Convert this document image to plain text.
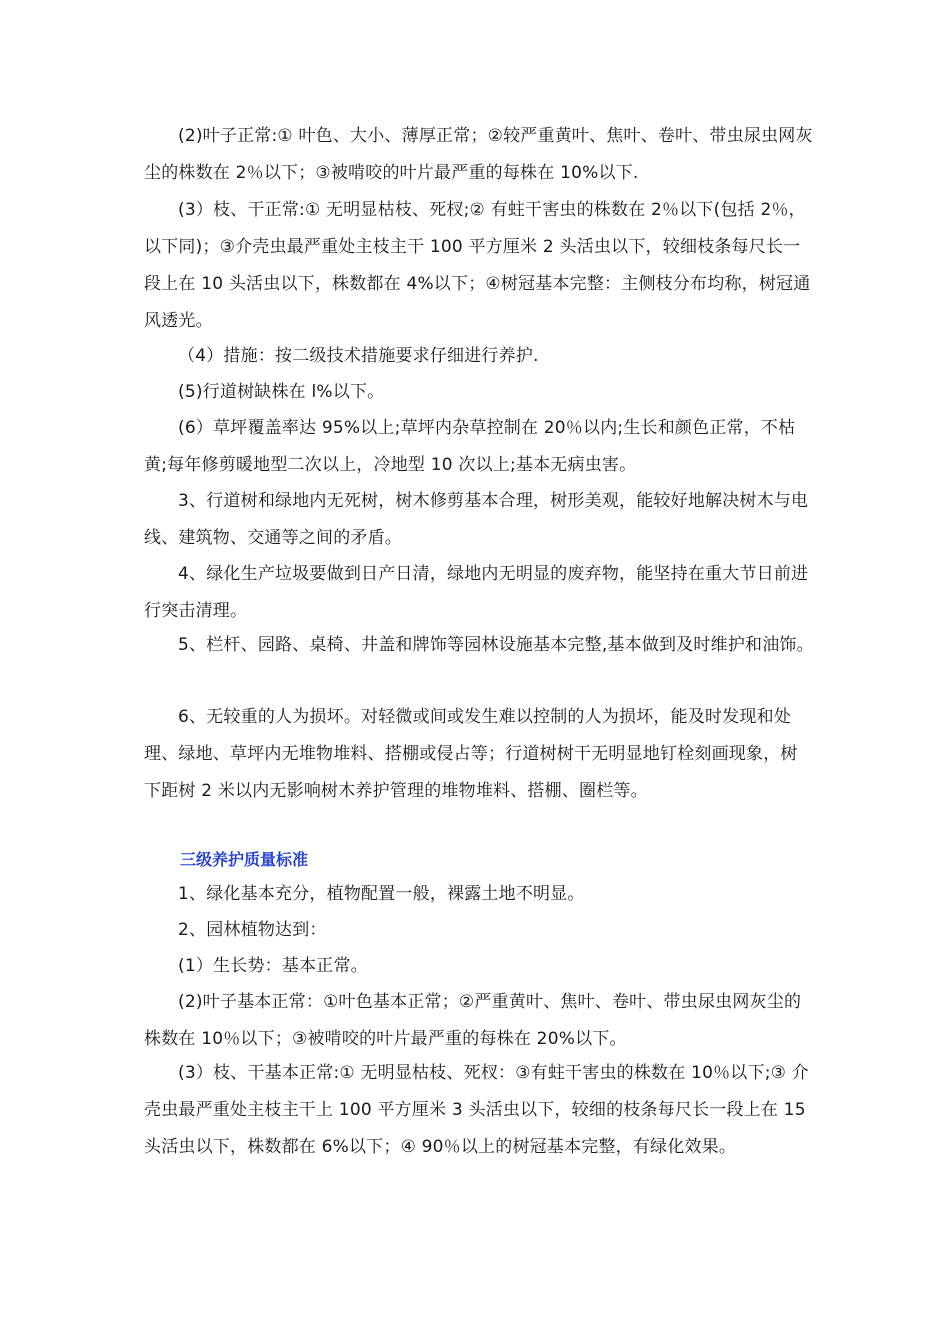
(2)叶子正常:① 叶色、大小、薄厚正常；②较严重黄叶、焦叶、卷叶、带虫尿虫网灰尘的株数在 2％以下；③被啃咬的叶片最严重的每株在 10%以下.

(3）枝、干正常:① 无明显枯枝、死杈;② 有蛀干害虫的株数在 2％以下(包括 2％，以下同)；③介壳虫最严重处主枝主干 100 平方厘米 2 头活虫以下，较细枝条每尺长一段上在 10 头活虫以下，株数都在 4%以下；④树冠基本完整：主侧枝分布均称，树冠通风透光。

（4）措施：按二级技术措施要求仔细进行养护.

(5)行道树缺株在 l%以下。

(6）草坪覆盖率达 95%以上;草坪内杂草控制在 20％以内;生长和颜色正常，不枯黄;每年修剪暖地型二次以上，冷地型 10 次以上;基本无病虫害。

3、行道树和绿地内无死树，树木修剪基本合理，树形美观，能较好地解决树木与电线、建筑物、交通等之间的矛盾。

4、绿化生产垃圾要做到日产日清，绿地内无明显的废弃物，能坚持在重大节日前进行突击清理。

5、栏杆、园路、桌椅、井盖和牌饰等园林设施基本完整,基本做到及时维护和油饰。

6、无较重的人为损坏。对轻微或间或发生难以控制的人为损坏，能及时发现和处理、绿地、草坪内无堆物堆料、搭棚或侵占等；行道树树干无明显地钉栓刻画现象，树下距树 2 米以内无影响树木养护管理的堆物堆料、搭棚、圈栏等。

三级养护质量标准

1、绿化基本充分，植物配置一般，裸露土地不明显。

2、园林植物达到：

(1）生长势：基本正常。

(2)叶子基本正常：①叶色基本正常；②严重黄叶、焦叶、卷叶、带虫尿虫网灰尘的株数在 10％以下；③被啃咬的叶片最严重的每株在 20%以下。

(3）枝、干基本正常:① 无明显枯枝、死杈：③有蛀干害虫的株数在 10％以下;③ 介壳虫最严重处主枝主干上 100 平方厘米 3 头活虫以下，较细的枝条每尺长一段上在 15 头活虫以下，株数都在 6%以下；④ 90％以上的树冠基本完整，有绿化效果。
